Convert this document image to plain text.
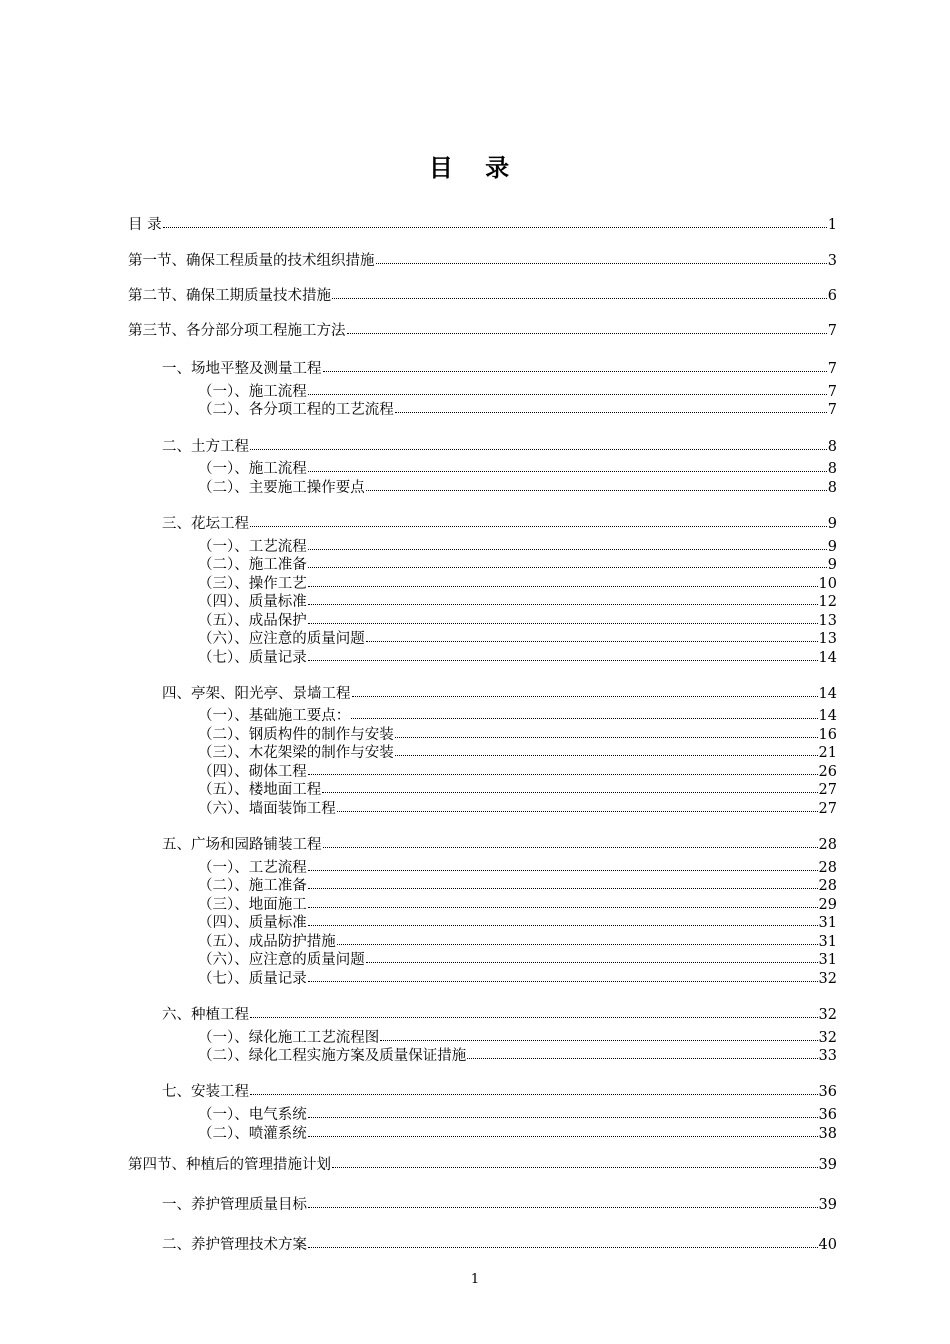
目 录
目 录	1
第一节、确保工程质量的技术组织措施	3
第二节、确保工期质量技术措施	6
第三节、各分部分项工程施工方法	7
一、场地平整及测量工程	7
（一）、施工流程	7
（二）、各分项工程的工艺流程	7
二、土方工程	8
（一）、施工流程	8
（二）、主要施工操作要点	8
三、花坛工程	9
（一）、工艺流程	9
（二）、施工准备	9
（三）、操作工艺	10
（四）、质量标准	12
（五）、成品保护	13
（六）、应注意的质量问题	13
（七）、质量记录	14
四、亭架、阳光亭、景墙工程	14
（一）、基础施工要点：	14
（二）、钢质构件的制作与安装	16
（三）、木花架梁的制作与安装	21
（四）、砌体工程	26
（五）、楼地面工程	27
（六）、墙面装饰工程	27
五、广场和园路铺装工程	28
（一）、工艺流程	28
（二）、施工准备	28
（三）、地面施工	29
（四）、质量标准	31
（五）、成品防护措施	31
（六）、应注意的质量问题	31
（七）、质量记录	32
六、种植工程	32
（一）、绿化施工工艺流程图	32
（二）、绿化工程实施方案及质量保证措施	33
七、安装工程	36
（一）、电气系统	36
（二）、喷灌系统	38
第四节、种植后的管理措施计划	39
一、养护管理质量目标	39
二、养护管理技术方案	40
1
